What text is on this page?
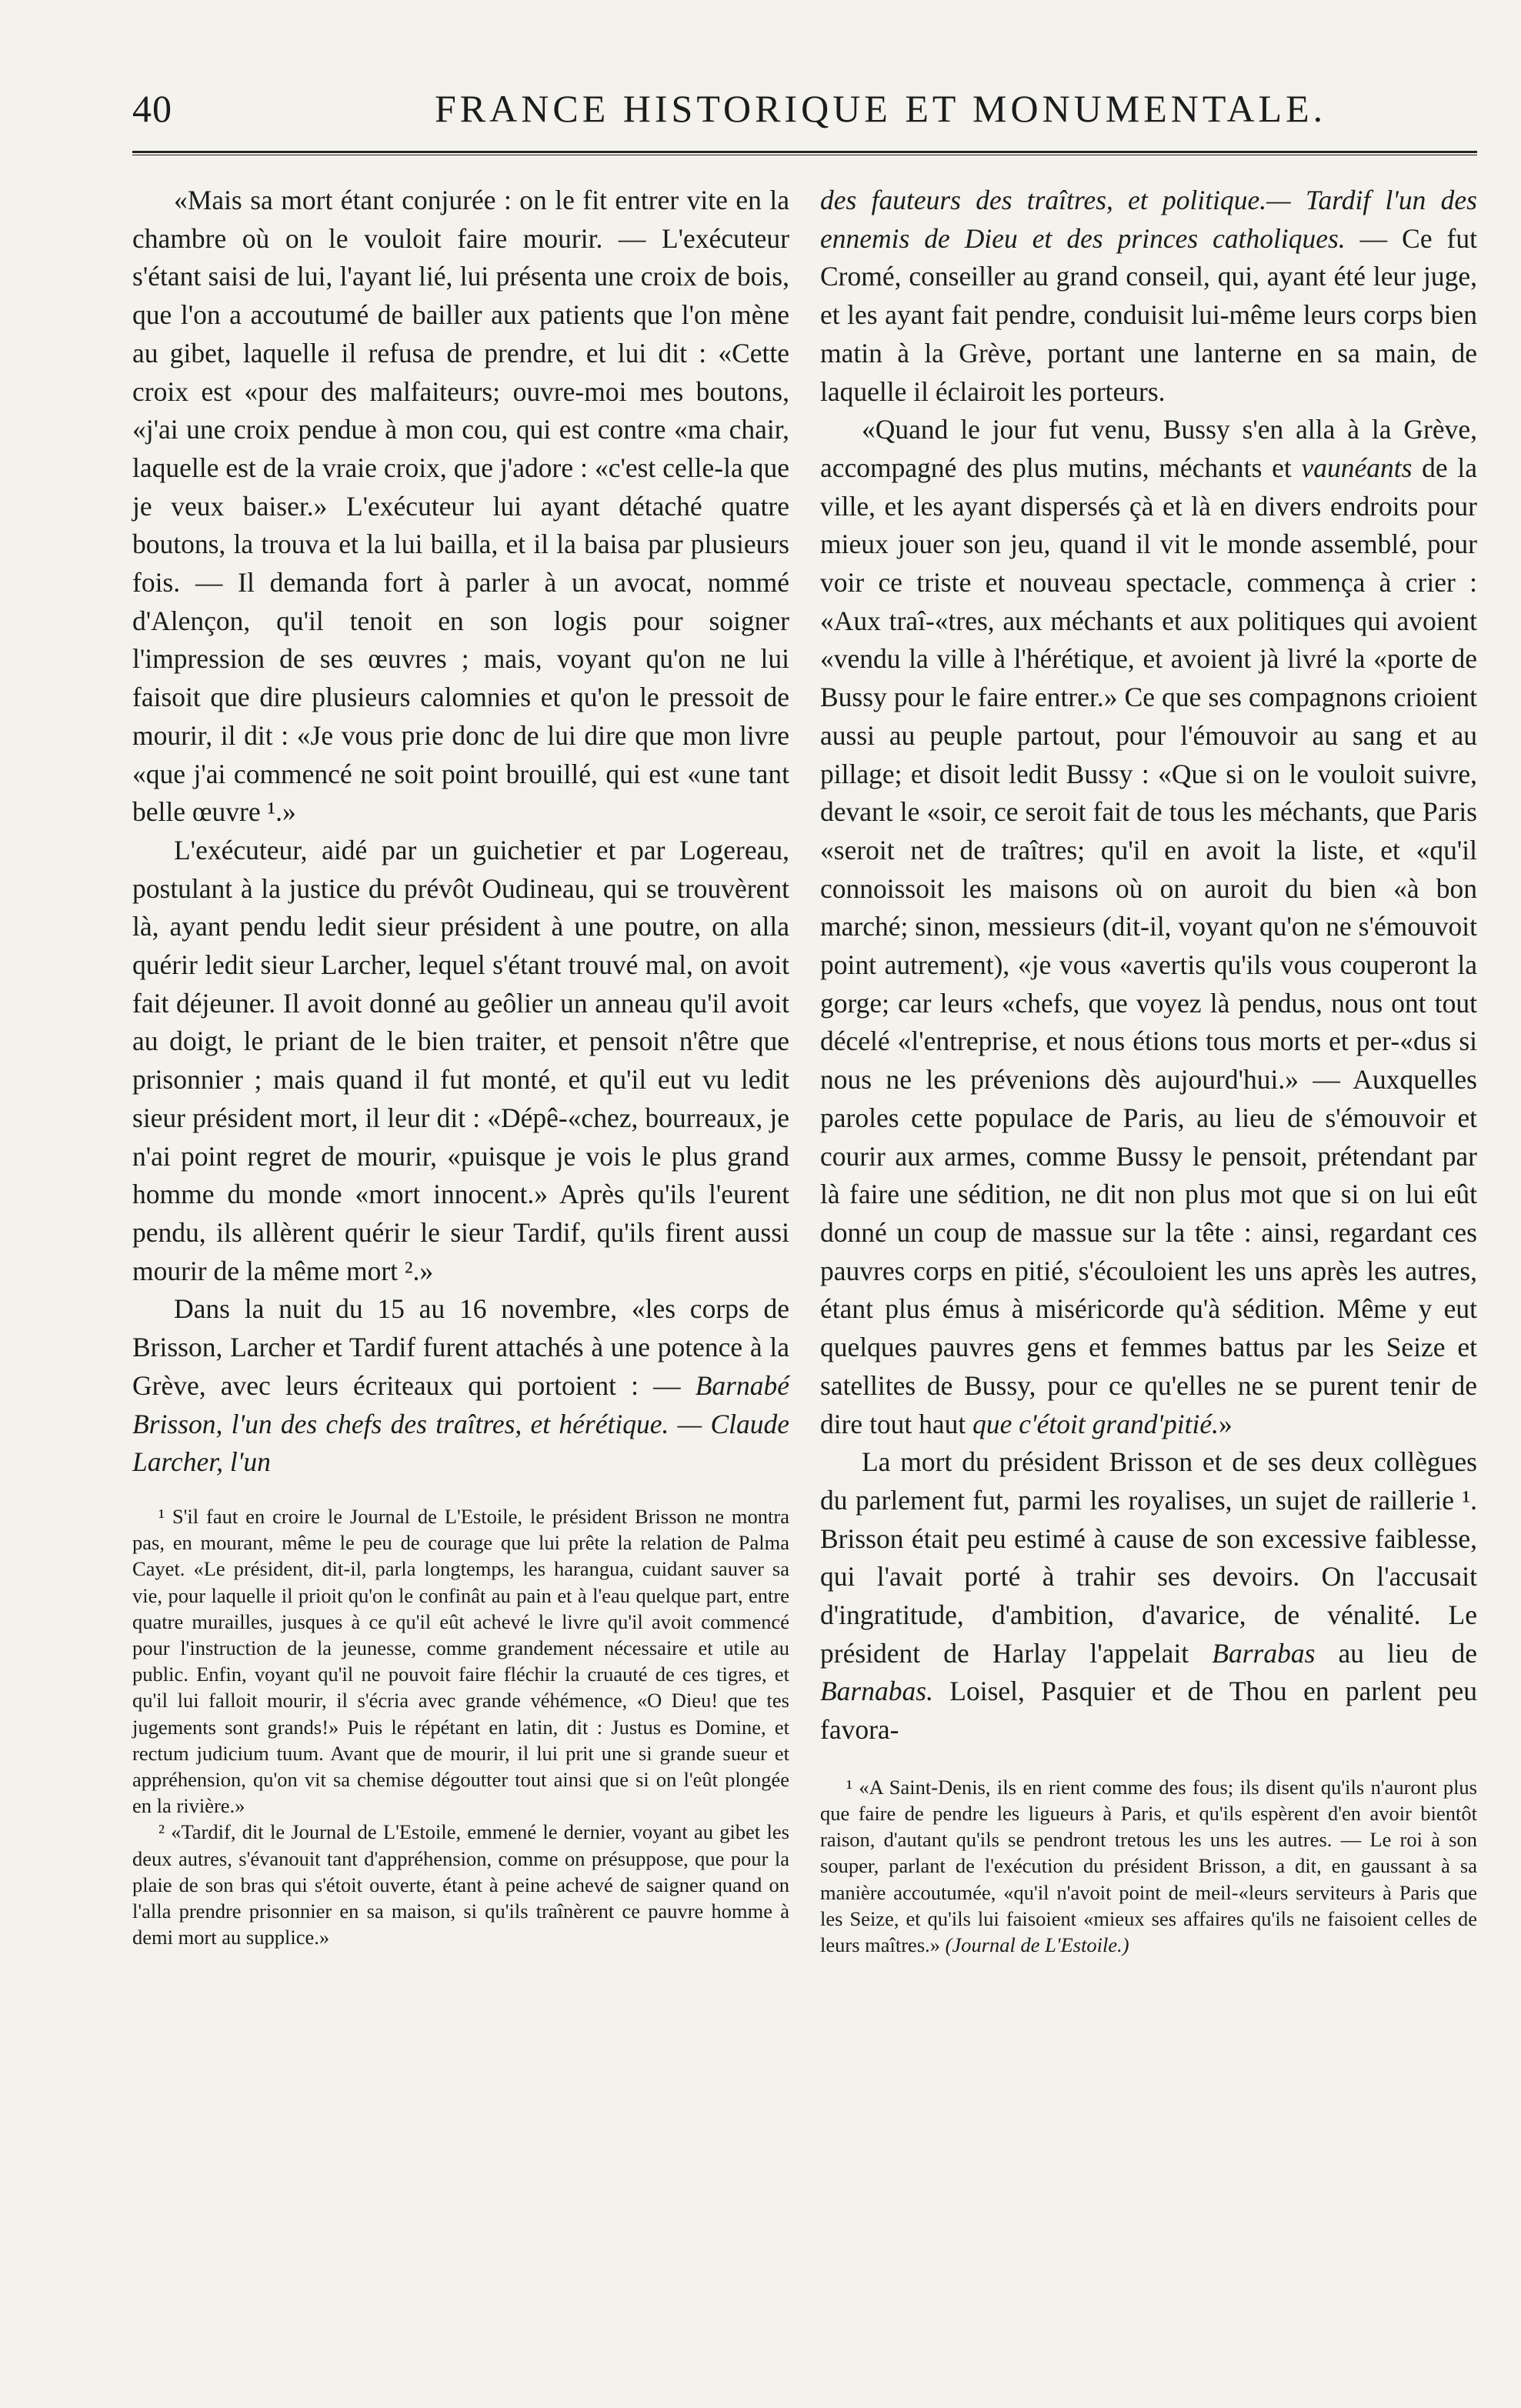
40	FRANCE HISTORIQUE ET MONUMENTALE.

«Mais sa mort étant conjurée : on le fit entrer vite en la chambre où on le vouloit faire mourir. — L'exécuteur s'étant saisi de lui, l'ayant lié, lui présenta une croix de bois, que l'on a accoutumé de bailler aux patients que l'on mène au gibet, laquelle il refusa de prendre, et lui dit : «Cette croix est «pour des malfaiteurs; ouvre-moi mes boutons, «j'ai une croix pendue à mon cou, qui est contre «ma chair, laquelle est de la vraie croix, que j'adore : «c'est celle-la que je veux baiser.» L'exécuteur lui ayant détaché quatre boutons, la trouva et la lui bailla, et il la baisa par plusieurs fois. — Il demanda fort à parler à un avocat, nommé d'Alençon, qu'il tenoit en son logis pour soigner l'impression de ses œuvres ; mais, voyant qu'on ne lui faisoit que dire plusieurs calomnies et qu'on le pressoit de mourir, il dit : «Je vous prie donc de lui dire que mon livre «que j'ai commencé ne soit point brouillé, qui est «une tant belle œuvre ¹.»

L'exécuteur, aidé par un guichetier et par Logereau, postulant à la justice du prévôt Oudineau, qui se trouvèrent là, ayant pendu ledit sieur président à une poutre, on alla quérir ledit sieur Larcher, lequel s'étant trouvé mal, on avoit fait déjeuner. Il avoit donné au geôlier un anneau qu'il avoit au doigt, le priant de le bien traiter, et pensoit n'être que prisonnier ; mais quand il fut monté, et qu'il eut vu ledit sieur président mort, il leur dit : «Dépê-«chez, bourreaux, je n'ai point regret de mourir, «puisque je vois le plus grand homme du monde «mort innocent.» Après qu'ils l'eurent pendu, ils allèrent quérir le sieur Tardif, qu'ils firent aussi mourir de la même mort ².»

Dans la nuit du 15 au 16 novembre, «les corps de Brisson, Larcher et Tardif furent attachés à une potence à la Grève, avec leurs écriteaux qui portoient : — Barnabé Brisson, l'un des chefs des traîtres, et hérétique. — Claude Larcher, l'un

¹ S'il faut en croire le Journal de L'Estoile, le président Brisson ne montra pas, en mourant, même le peu de courage que lui prête la relation de Palma Cayet. «Le président, dit-il, parla longtemps, les harangua, cuidant sauver sa vie, pour laquelle il prioit qu'on le confinât au pain et à l'eau quelque part, entre quatre murailles, jusques à ce qu'il eût achevé le livre qu'il avoit commencé pour l'instruction de la jeunesse, comme grandement nécessaire et utile au public. Enfin, voyant qu'il ne pouvoit faire fléchir la cruauté de ces tigres, et qu'il lui falloit mourir, il s'écria avec grande véhémence, «O Dieu! que tes jugements sont grands!» Puis le répétant en latin, dit : Justus es Domine, et rectum judicium tuum. Avant que de mourir, il lui prit une si grande sueur et appréhension, qu'on vit sa chemise dégoutter tout ainsi que si on l'eût plongée en la rivière.»

² «Tardif, dit le Journal de L'Estoile, emmené le dernier, voyant au gibet les deux autres, s'évanouit tant d'appréhension, comme on présuppose, que pour la plaie de son bras qui s'étoit ouverte, étant à peine achevé de saigner quand on l'alla prendre prisonnier en sa maison, si qu'ils traînèrent ce pauvre homme à demi mort au supplice.»

des fauteurs des traîtres, et politique.— Tardif l'un des ennemis de Dieu et des princes catholiques. — Ce fut Cromé, conseiller au grand conseil, qui, ayant été leur juge, et les ayant fait pendre, conduisit lui-même leurs corps bien matin à la Grève, portant une lanterne en sa main, de laquelle il éclairoit les porteurs.

«Quand le jour fut venu, Bussy s'en alla à la Grève, accompagné des plus mutins, méchants et vaunéants de la ville, et les ayant dispersés çà et là en divers endroits pour mieux jouer son jeu, quand il vit le monde assemblé, pour voir ce triste et nouveau spectacle, commença à crier : «Aux traî-«tres, aux méchants et aux politiques qui avoient «vendu la ville à l'hérétique, et avoient jà livré la «porte de Bussy pour le faire entrer.» Ce que ses compagnons crioient aussi au peuple partout, pour l'émouvoir au sang et au pillage; et disoit ledit Bussy : «Que si on le vouloit suivre, devant le «soir, ce seroit fait de tous les méchants, que Paris «seroit net de traîtres; qu'il en avoit la liste, et «qu'il connoissoit les maisons où on auroit du bien «à bon marché; sinon, messieurs (dit-il, voyant qu'on ne s'émouvoit point autrement), «je vous «avertis qu'ils vous couperont la gorge; car leurs «chefs, que voyez là pendus, nous ont tout décelé «l'entreprise, et nous étions tous morts et per-«dus si nous ne les prévenions dès aujourd'hui.» — Auxquelles paroles cette populace de Paris, au lieu de s'émouvoir et courir aux armes, comme Bussy le pensoit, prétendant par là faire une sédition, ne dit non plus mot que si on lui eût donné un coup de massue sur la tête : ainsi, regardant ces pauvres corps en pitié, s'écouloient les uns après les autres, étant plus émus à miséricorde qu'à sédition. Même y eut quelques pauvres gens et femmes battus par les Seize et satellites de Bussy, pour ce qu'elles ne se purent tenir de dire tout haut que c'étoit grand'pitié.»

La mort du président Brisson et de ses deux collègues du parlement fut, parmi les royalises, un sujet de raillerie ¹. Brisson était peu estimé à cause de son excessive faiblesse, qui l'avait porté à trahir ses devoirs. On l'accusait d'ingratitude, d'ambition, d'avarice, de vénalité. Le président de Harlay l'appelait Barrabas au lieu de Barnabas. Loisel, Pasquier et de Thou en parlent peu favora-

¹ «A Saint-Denis, ils en rient comme des fous; ils disent qu'ils n'auront plus que faire de pendre les ligueurs à Paris, et qu'ils espèrent d'en avoir bientôt raison, d'autant qu'ils se pendront tretous les uns les autres. — Le roi à son souper, parlant de l'exécution du président Brisson, a dit, en gaussant à sa manière accoutumée, «qu'il n'avoit point de meil-«leurs serviteurs à Paris que les Seize, et qu'ils lui faisoient «mieux ses affaires qu'ils ne faisoient celles de leurs maîtres.» (Journal de L'Estoile.)
